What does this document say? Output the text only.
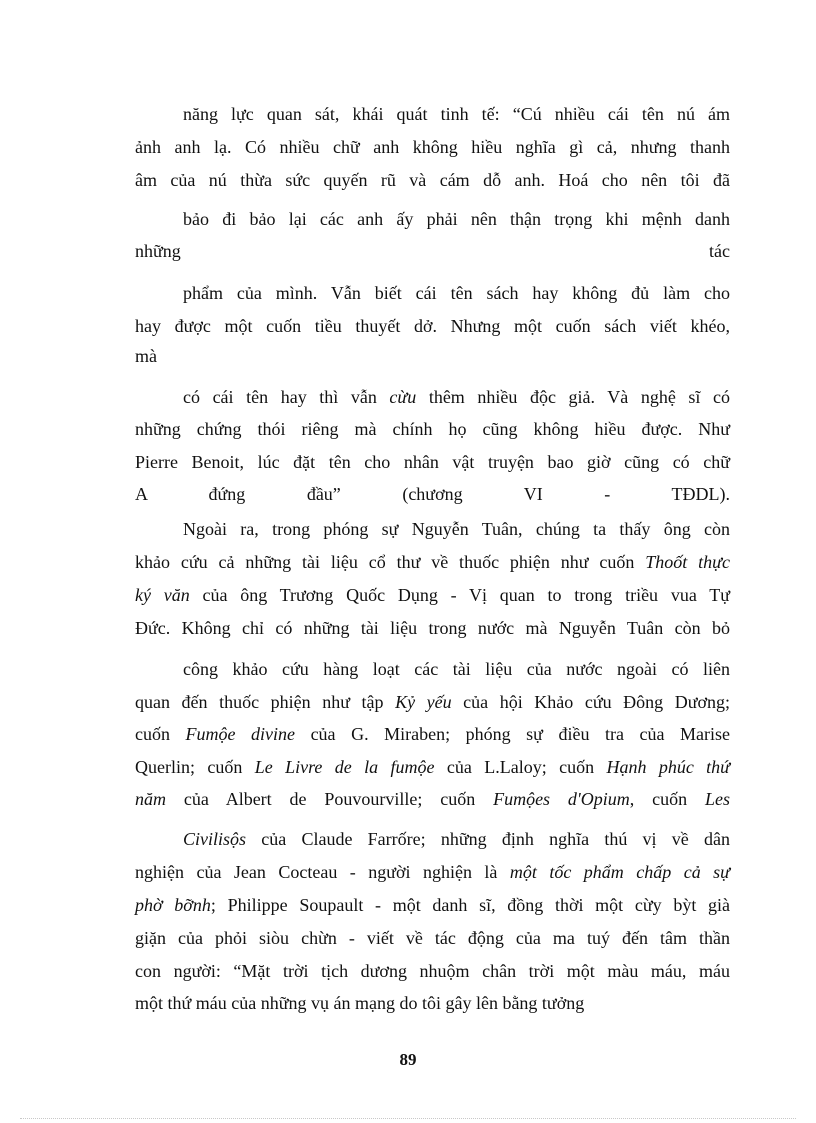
năng lực quan sát, khái quát tinh tế: “Cú nhiều cái tên nú ám
ảnh anh lạ. Có nhiều chữ anh không hiều nghĩa gì cả, nhưng thanh
âm của nú thừa sức quyến rũ và cám dỗ anh. Hoá cho nên tôi đã
bảo đi bảo lại các anh ấy phải nên thận trọng khi mệnh danh
những tác
phẩm của mình. Vẫn biết cái tên sách hay không đủ làm cho
hay được một cuốn tiều thuyết dở. Nhưng một cuốn sách viết khéo,
mà
có cái tên hay thì vẫn cừu thêm nhiều độc giả. Và nghệ sĩ có
những chứng thói riêng mà chính họ cũng không hiều được. Như
Pierre Benoit, lúc đặt tên cho nhân vật truyện bao giờ cũng có chữ
A đứng đầu” (chương VI - TĐDL).
Ngoài ra, trong phóng sự Nguyễn Tuân, chúng ta thấy ông còn
khảo cứu cả những tài liệu cổ thư về thuốc phiện như cuốn Thoốt thực
ký văn của ông Trương Quốc Dụng - Vị quan to trong triều vua Tự
Đức. Không chỉ có những tài liệu trong nước mà Nguyễn Tuân còn bỏ
công khảo cứu hàng loạt các tài liệu của nước ngoài có liên
quan đến thuốc phiện như tập Kỷ yếu của hội Khảo cứu Đông Dương;
cuốn Fumộe divine của G. Miraben; phóng sự điều tra của Marise
Querlin; cuốn Le Livre de la fumộe của L.Laloy; cuốn Hạnh phúc thứ
năm của Albert de Pouvourville; cuốn Fumộes d'Opium, cuốn Les
Civilisộs của Claude Farrốre; những định nghĩa thú vị về dân
nghiện của Jean Cocteau - người nghiện là một tốc phẩm chấp cả sự
phờ bỡnh; Philippe Soupault - một danh sĩ, đồng thời một cừy bỳt già
giặn của phỏi siòu chừn - viết về tác động của ma tuý đến tâm thần
con người: “Mặt trời tịch dương nhuộm chân trời một màu máu, máu
một thứ máu của những vụ án mạng do tôi gây lên bằng tưởng
89
